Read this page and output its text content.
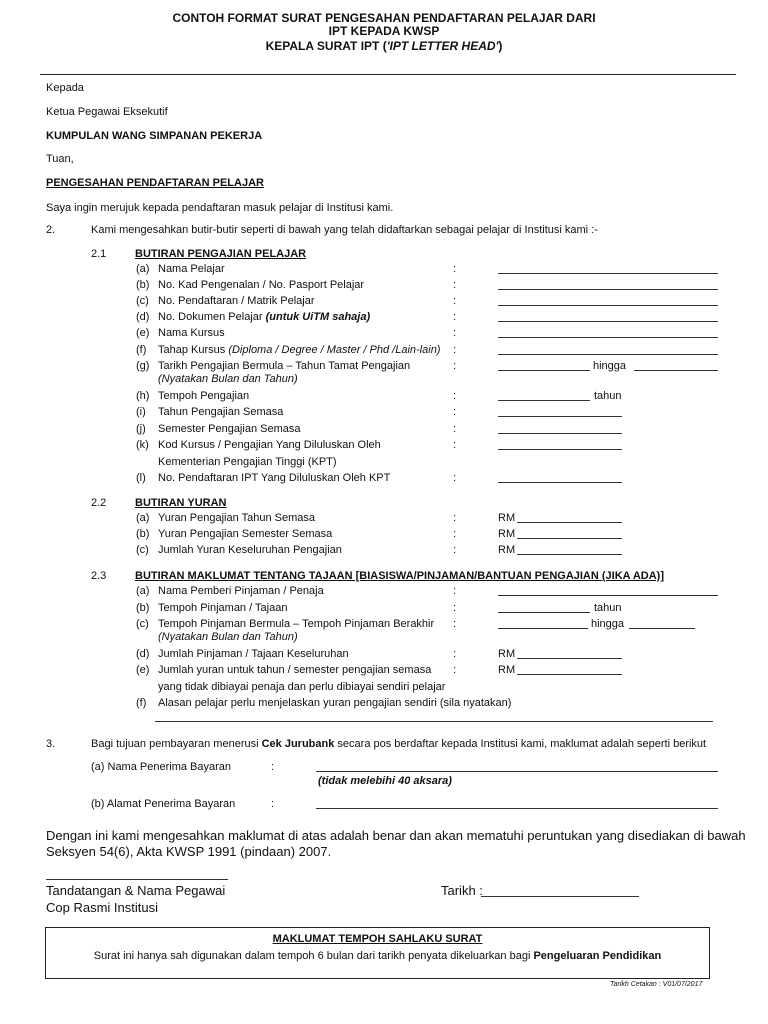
CONTOH FORMAT SURAT PENGESAHAN PENDAFTARAN PELAJAR DARI
IPT KEPADA KWSP
KEPALA SURAT IPT ('IPT LETTER HEAD')
Kepada
Ketua Pegawai Eksekutif
KUMPULAN WANG SIMPANAN PEKERJA
Tuan,
PENGESAHAN PENDAFTARAN PELAJAR
Saya ingin merujuk kepada pendaftaran masuk pelajar di Institusi kami.
2.	Kami mengesahkan butir-butir seperti di bawah yang telah didaftarkan sebagai pelajar di Institusi kami :-
2.1	BUTIRAN PENGAJIAN PELAJAR
(a) Nama Pelajar	:
(b) No. Kad Pengenalan / No. Pasport Pelajar	:
(c) No. Pendaftaran / Matrik Pelajar	:
(d) No. Dokumen Pelajar (untuk UiTM sahaja)	:
(e) Nama Kursus	:
(f) Tahap Kursus (Diploma / Degree / Master / Phd /Lain-lain) :
(g) Tarikh Pengajian Bermula – Tahun Tamat Pengajian
(Nyatakan Bulan dan Tahun)
:	hingga
(h) Tempoh Pengajian	:	tahun
(i) Tahun Pengajian Semasa	:
(j) Semester Pengajian Semasa	:
(k) Kod Kursus / Pengajian Yang Diluluskan Oleh
Kementerian Pengajian Tinggi (KPT)
:
(l) No. Pendaftaran IPT Yang Diluluskan Oleh KPT	:
2.2	BUTIRAN YURAN
(a) Yuran Pengajian Tahun Semasa	:	RM
(b) Yuran Pengajian Semester Semasa	:	RM
(c) Jumlah Yuran Keseluruhan Pengajian	:	RM
2.3	BUTIRAN MAKLUMAT TENTANG TAJAAN [BIASISWA/PINJAMAN/BANTUAN PENGAJIAN (JIKA ADA)]
(a) Nama Pemberi Pinjaman / Penaja	:
(b) Tempoh Pinjaman / Tajaan	:	tahun
(c) Tempoh Pinjaman Bermula – Tempoh Pinjaman Berakhir
(Nyatakan Bulan dan Tahun)
:	hingga
(d) Jumlah Pinjaman / Tajaan Keseluruhan	:	RM
(e) Jumlah yuran untuk tahun / semester pengajian semasa
yang tidak dibiayai penaja dan perlu dibiayai sendiri pelajar
:	RM
(f) Alasan pelajar perlu menjelaskan yuran pengajian sendiri (sila nyatakan)
3.	Bagi tujuan pembayaran menerusi Cek Jurubank secara pos berdaftar kepada Institusi kami, maklumat adalah seperti berikut
(a) Nama Penerima Bayaran	:
(tidak melebihi 40 aksara)
(b) Alamat Penerima Bayaran	:
Dengan ini kami mengesahkan maklumat di atas adalah benar dan akan mematuhi peruntukan yang disediakan di bawah
Seksyen 54(6), Akta KWSP 1991 (pindaan) 2007.
Tandatangan & Nama Pegawai
Cop Rasmi Institusi
Tarikh :
MAKLUMAT TEMPOH SAHLAKU SURAT
Surat ini hanya sah digunakan dalam tempoh 6 bulan dari tarikh penyata dikeluarkan bagi Pengeluaran Pendidikan
Tarikh Cetakan : V01/07/2017
